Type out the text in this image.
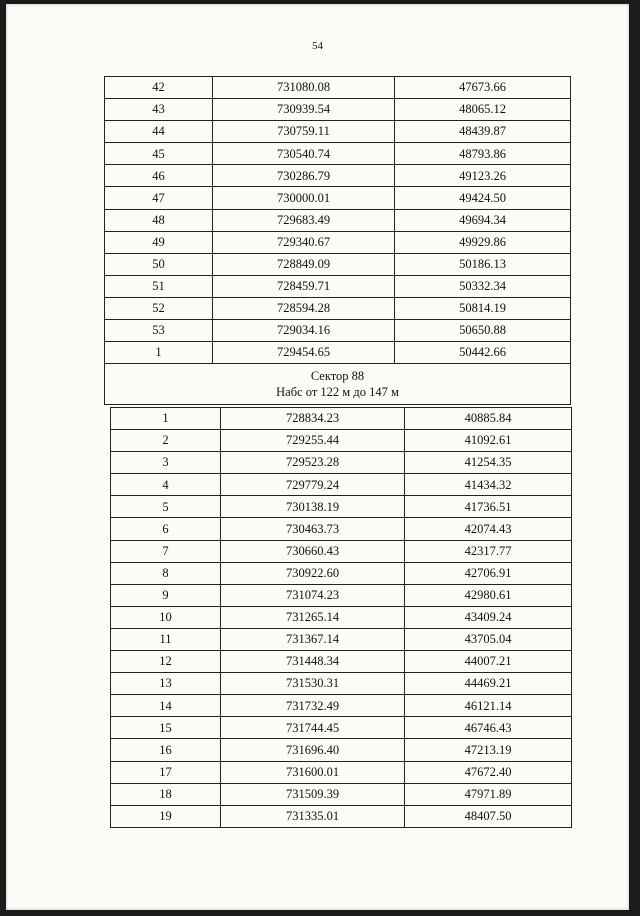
54
42	731080.08	47673.66
43	730939.54	48065.12
44	730759.11	48439.87
45	730540.74	48793.86
46	730286.79	49123.26
47	730000.01	49424.50
48	729683.49	49694.34
49	729340.67	49929.86
50	728849.09	50186.13
51	728459.71	50332.34
52	728594.28	50814.19
53	729034.16	50650.88
1	729454.65	50442.66

Сектор 88
Набс от 122 м до 147 м		
1	728834.23	40885.84
2	729255.44	41092.61
3	729523.28	41254.35
4	729779.24	41434.32
5	730138.19	41736.51
6	730463.73	42074.43
7	730660.43	42317.77
8	730922.60	42706.91
9	731074.23	42980.61
10	731265.14	43409.24
11	731367.14	43705.04
12	731448.34	44007.21
13	731530.31	44469.21
14	731732.49	46121.14
15	731744.45	46746.43
16	731696.40	47213.19
17	731600.01	47672.40
18	731509.39	47971.89
19	731335.01	48407.50
